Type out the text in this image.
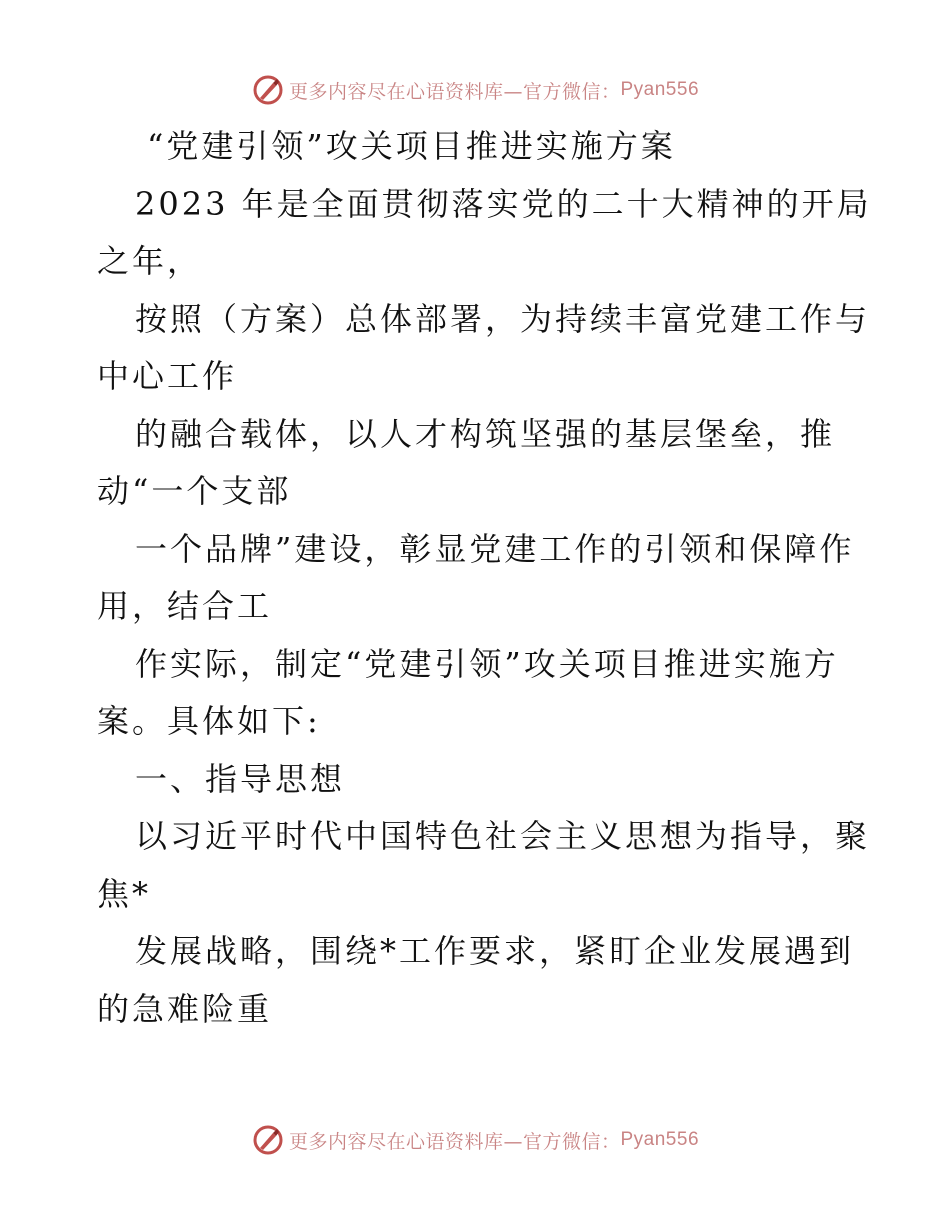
更多内容尽在心语资料库—官方微信： Pyan556
“党建引领”攻关项目推进实施方案
2023 年是全面贯彻落实党的二十大精神的开局
之年，
按照（方案）总体部署，为持续丰富党建工作与
中心工作
的融合载体，以人才构筑坚强的基层堡垒，推
动“一个支部
一个品牌”建设，彰显党建工作的引领和保障作
用，结合工
作实际，制定“党建引领”攻关项目推进实施方
案。具体如下:
一、指导思想
以习近平时代中国特色社会主义思想为指导，聚
焦*
发展战略，围绕*工作要求，紧盯企业发展遇到
的急难险重
更多内容尽在心语资料库—官方微信： Pyan556
